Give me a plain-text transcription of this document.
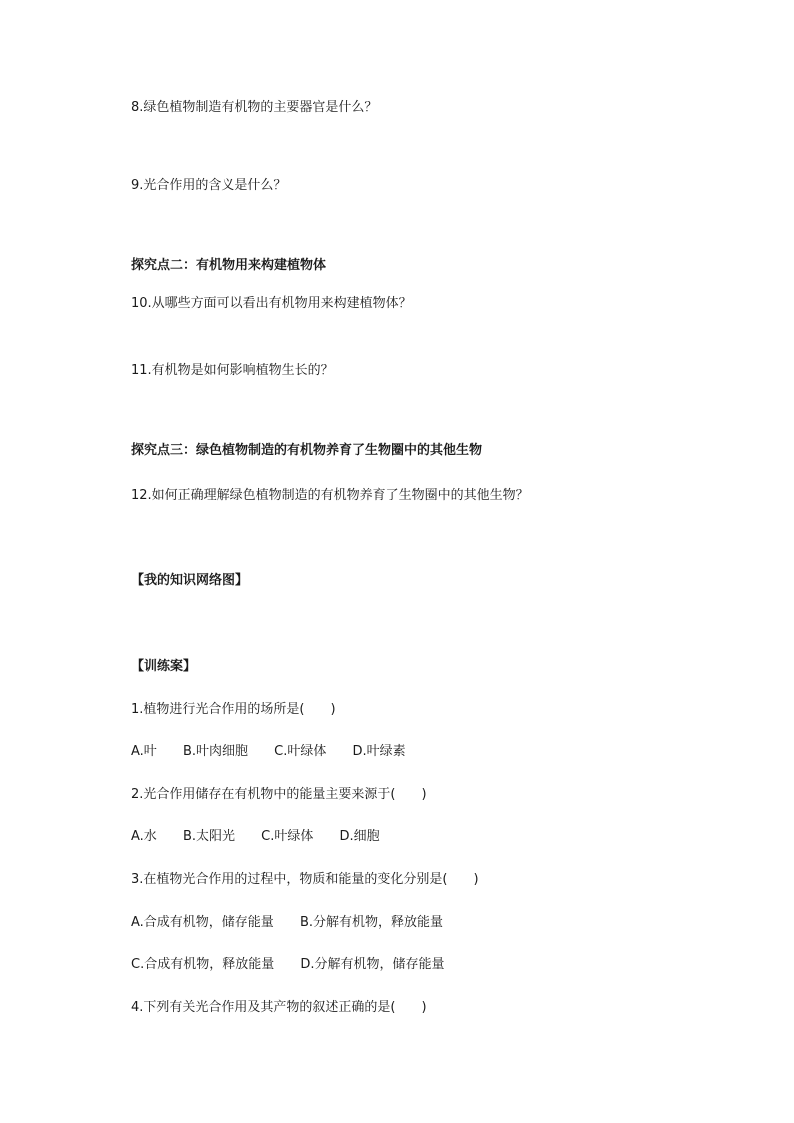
8.绿色植物制造有机物的主要器官是什么？
9.光合作用的含义是什么？
探究点二：有机物用来构建植物体
10.从哪些方面可以看出有机物用来构建植物体？
11.有机物是如何影响植物生长的？
探究点三：绿色植物制造的有机物养育了生物圈中的其他生物
12.如何正确理解绿色植物制造的有机物养育了生物圈中的其他生物？
【我的知识网络图】
【训练案】
1.植物进行光合作用的场所是(　　)
A.叶 B.叶肉细胞 C.叶绿体 D.叶绿素
2.光合作用储存在有机物中的能量主要来源于(　　)
A.水 B.太阳光 C.叶绿体 D.细胞
3.在植物光合作用的过程中，物质和能量的变化分别是(　　)
A.合成有机物，储存能量 B.分解有机物，释放能量
C.合成有机物，释放能量 D.分解有机物，储存能量
4.下列有关光合作用及其产物的叙述正确的是(　　)
